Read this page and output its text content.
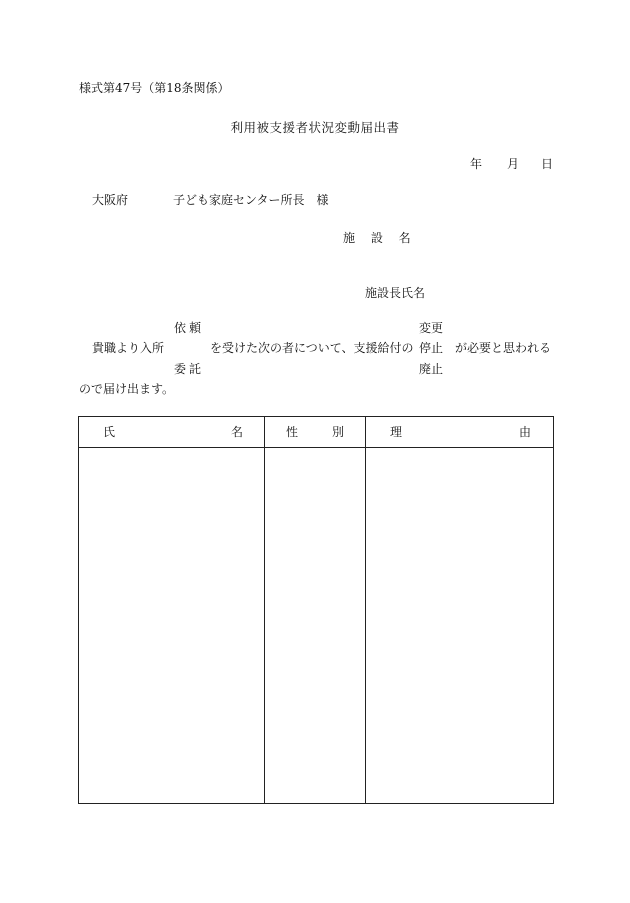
様式第47号（第18条関係）
利用被支援者状況変動届出書
年 月 日
大阪府	子ども家庭センター所長　様
施 設 名
施設長氏名
依頼
貴職より入所
委託
を受けた次の者について、支援給付の
変更
停止
廃止
が必要と思われる
ので届け出ます。
氏 名	性 別	理 由
